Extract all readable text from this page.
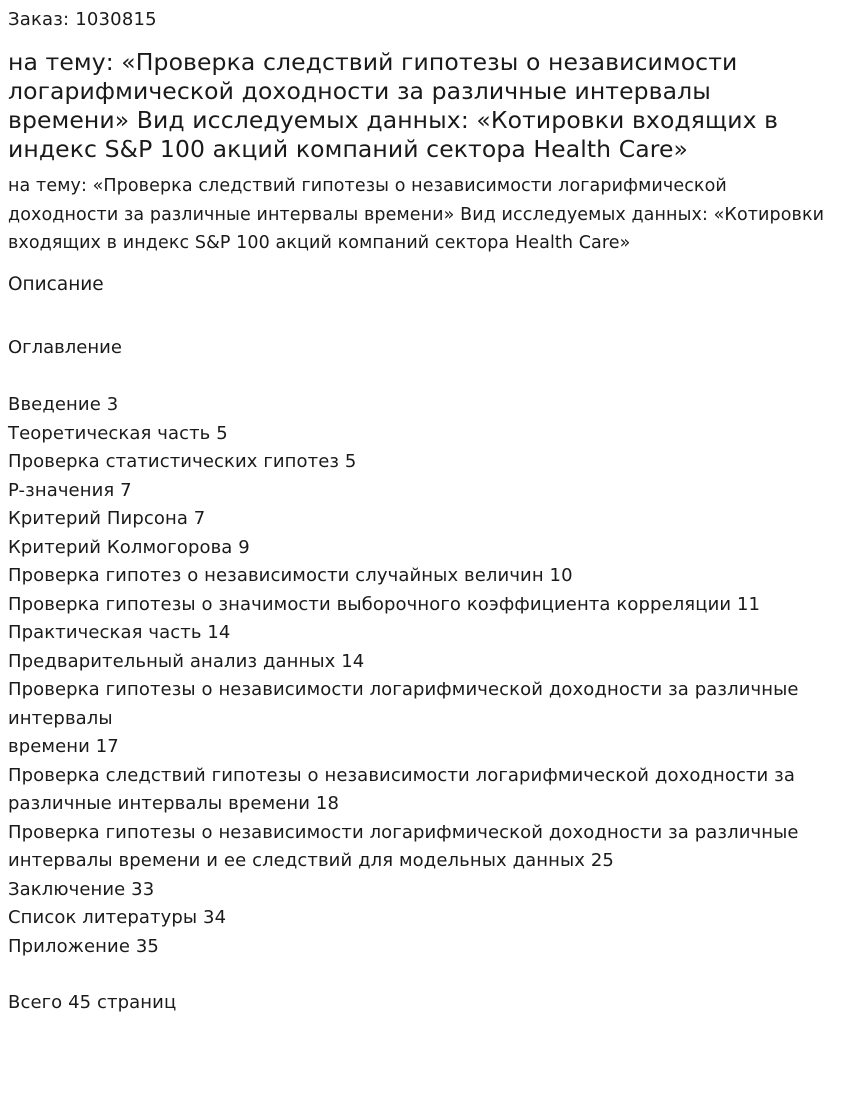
Заказ: 1030815
на тему: «Проверка следствий гипотезы о независимости логарифмической доходности за различные интервалы времени» Вид исследуемых данных: «Котировки входящих в индекс S&P 100 акций компаний сектора Health Care»

на тему: «Проверка следствий гипотезы о независимости логарифмической доходности за различные интервалы времени» Вид исследуемых данных: «Котировки входящих в индекс S&P 100 акций компаний сектора Health Care»

Описание
Оглавление
Введение 3
Теоретическая часть 5
Проверка статистических гипотез 5
P-значения 7
Критерий Пирсона 7
Критерий Колмогорова 9
Проверка гипотез о независимости случайных величин 10
Проверка гипотезы о значимости выборочного коэффициента корреляции 11
Практическая часть 14
Предварительный анализ данных 14
Проверка гипотезы о независимости логарифмической доходности за различные интервалы
времени 17
Проверка следствий гипотезы о независимости логарифмической доходности за различные интервалы времени 18
Проверка гипотезы о независимости логарифмической доходности за различные интервалы времени и ее следствий для модельных данных 25
Заключение 33
Список литературы 34
Приложение 35
Всего 45 страниц
